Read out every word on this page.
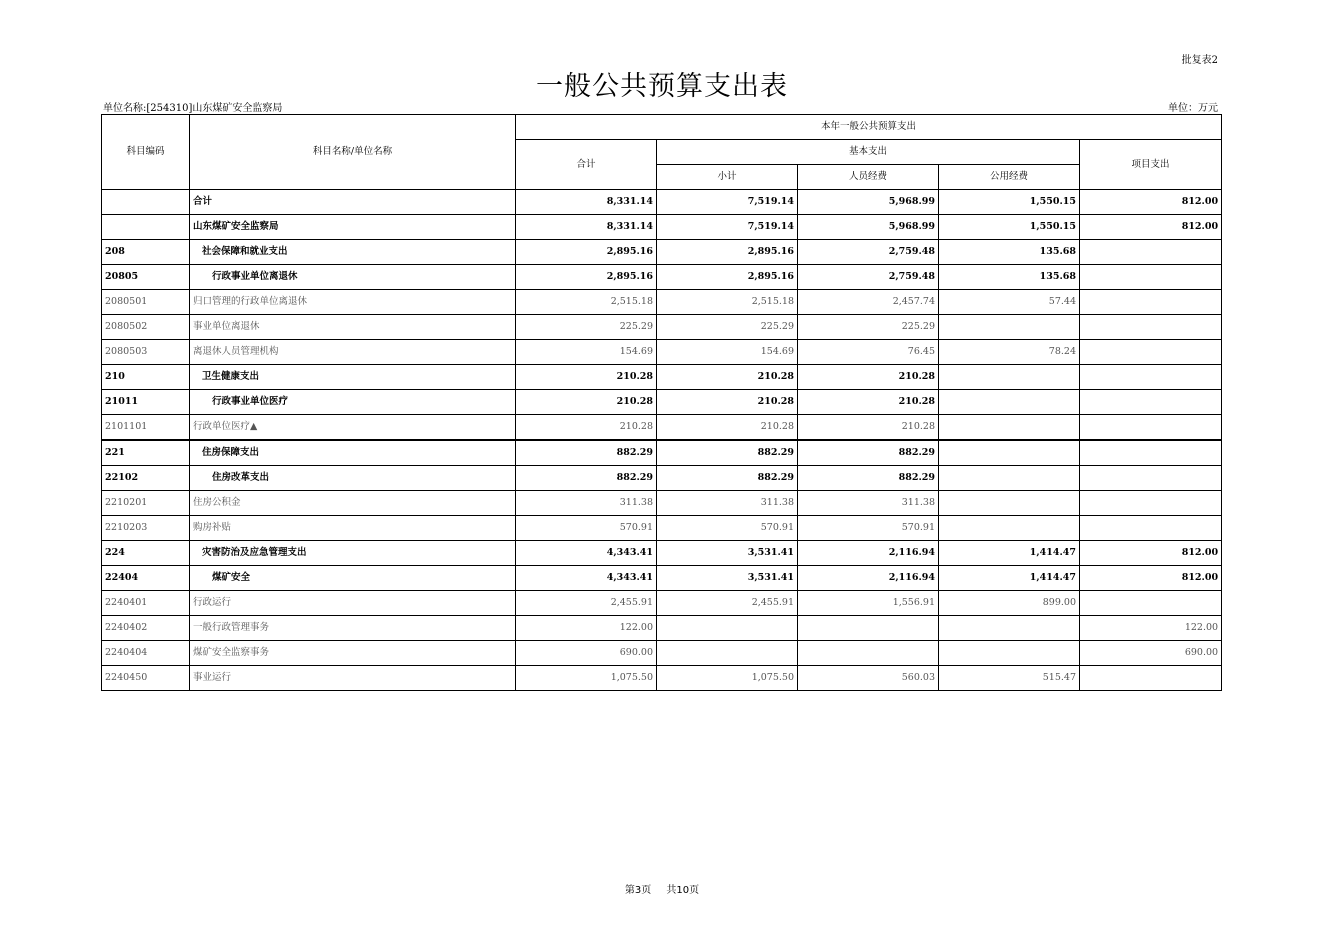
批复表2
一般公共预算支出表
单位名称:[254310]山东煤矿安全监察局	单位：万元
科目编码	科目名称/单位名称	本年一般公共预算支出				
		合计	基本支出			项目支出
			小计	人员经费	公用经费	
	合计	8,331.14	7,519.14	5,968.99	1,550.15	812.00
	山东煤矿安全监察局	8,331.14	7,519.14	5,968.99	1,550.15	812.00
208	社会保障和就业支出	2,895.16	2,895.16	2,759.48	135.68	
20805	行政事业单位离退休	2,895.16	2,895.16	2,759.48	135.68	
2080501	归口管理的行政单位离退休	2,515.18	2,515.18	2,457.74	57.44	
2080502	事业单位离退休	225.29	225.29	225.29		
2080503	离退休人员管理机构	154.69	154.69	76.45	78.24	
210	卫生健康支出	210.28	210.28	210.28		
21011	行政事业单位医疗	210.28	210.28	210.28		
2101101	行政单位医疗▲	210.28	210.28	210.28		
221	住房保障支出	882.29	882.29	882.29		
22102	住房改革支出	882.29	882.29	882.29		
2210201	住房公积金	311.38	311.38	311.38		
2210203	购房补贴	570.91	570.91	570.91		
224	灾害防治及应急管理支出	4,343.41	3,531.41	2,116.94	1,414.47	812.00
22404	煤矿安全	4,343.41	3,531.41	2,116.94	1,414.47	812.00
2240401	行政运行	2,455.91	2,455.91	1,556.91	899.00	
2240402	一般行政管理事务	122.00				122.00
2240404	煤矿安全监察事务	690.00				690.00
2240450	事业运行	1,075.50	1,075.50	560.03	515.47	
第3页 共10页
